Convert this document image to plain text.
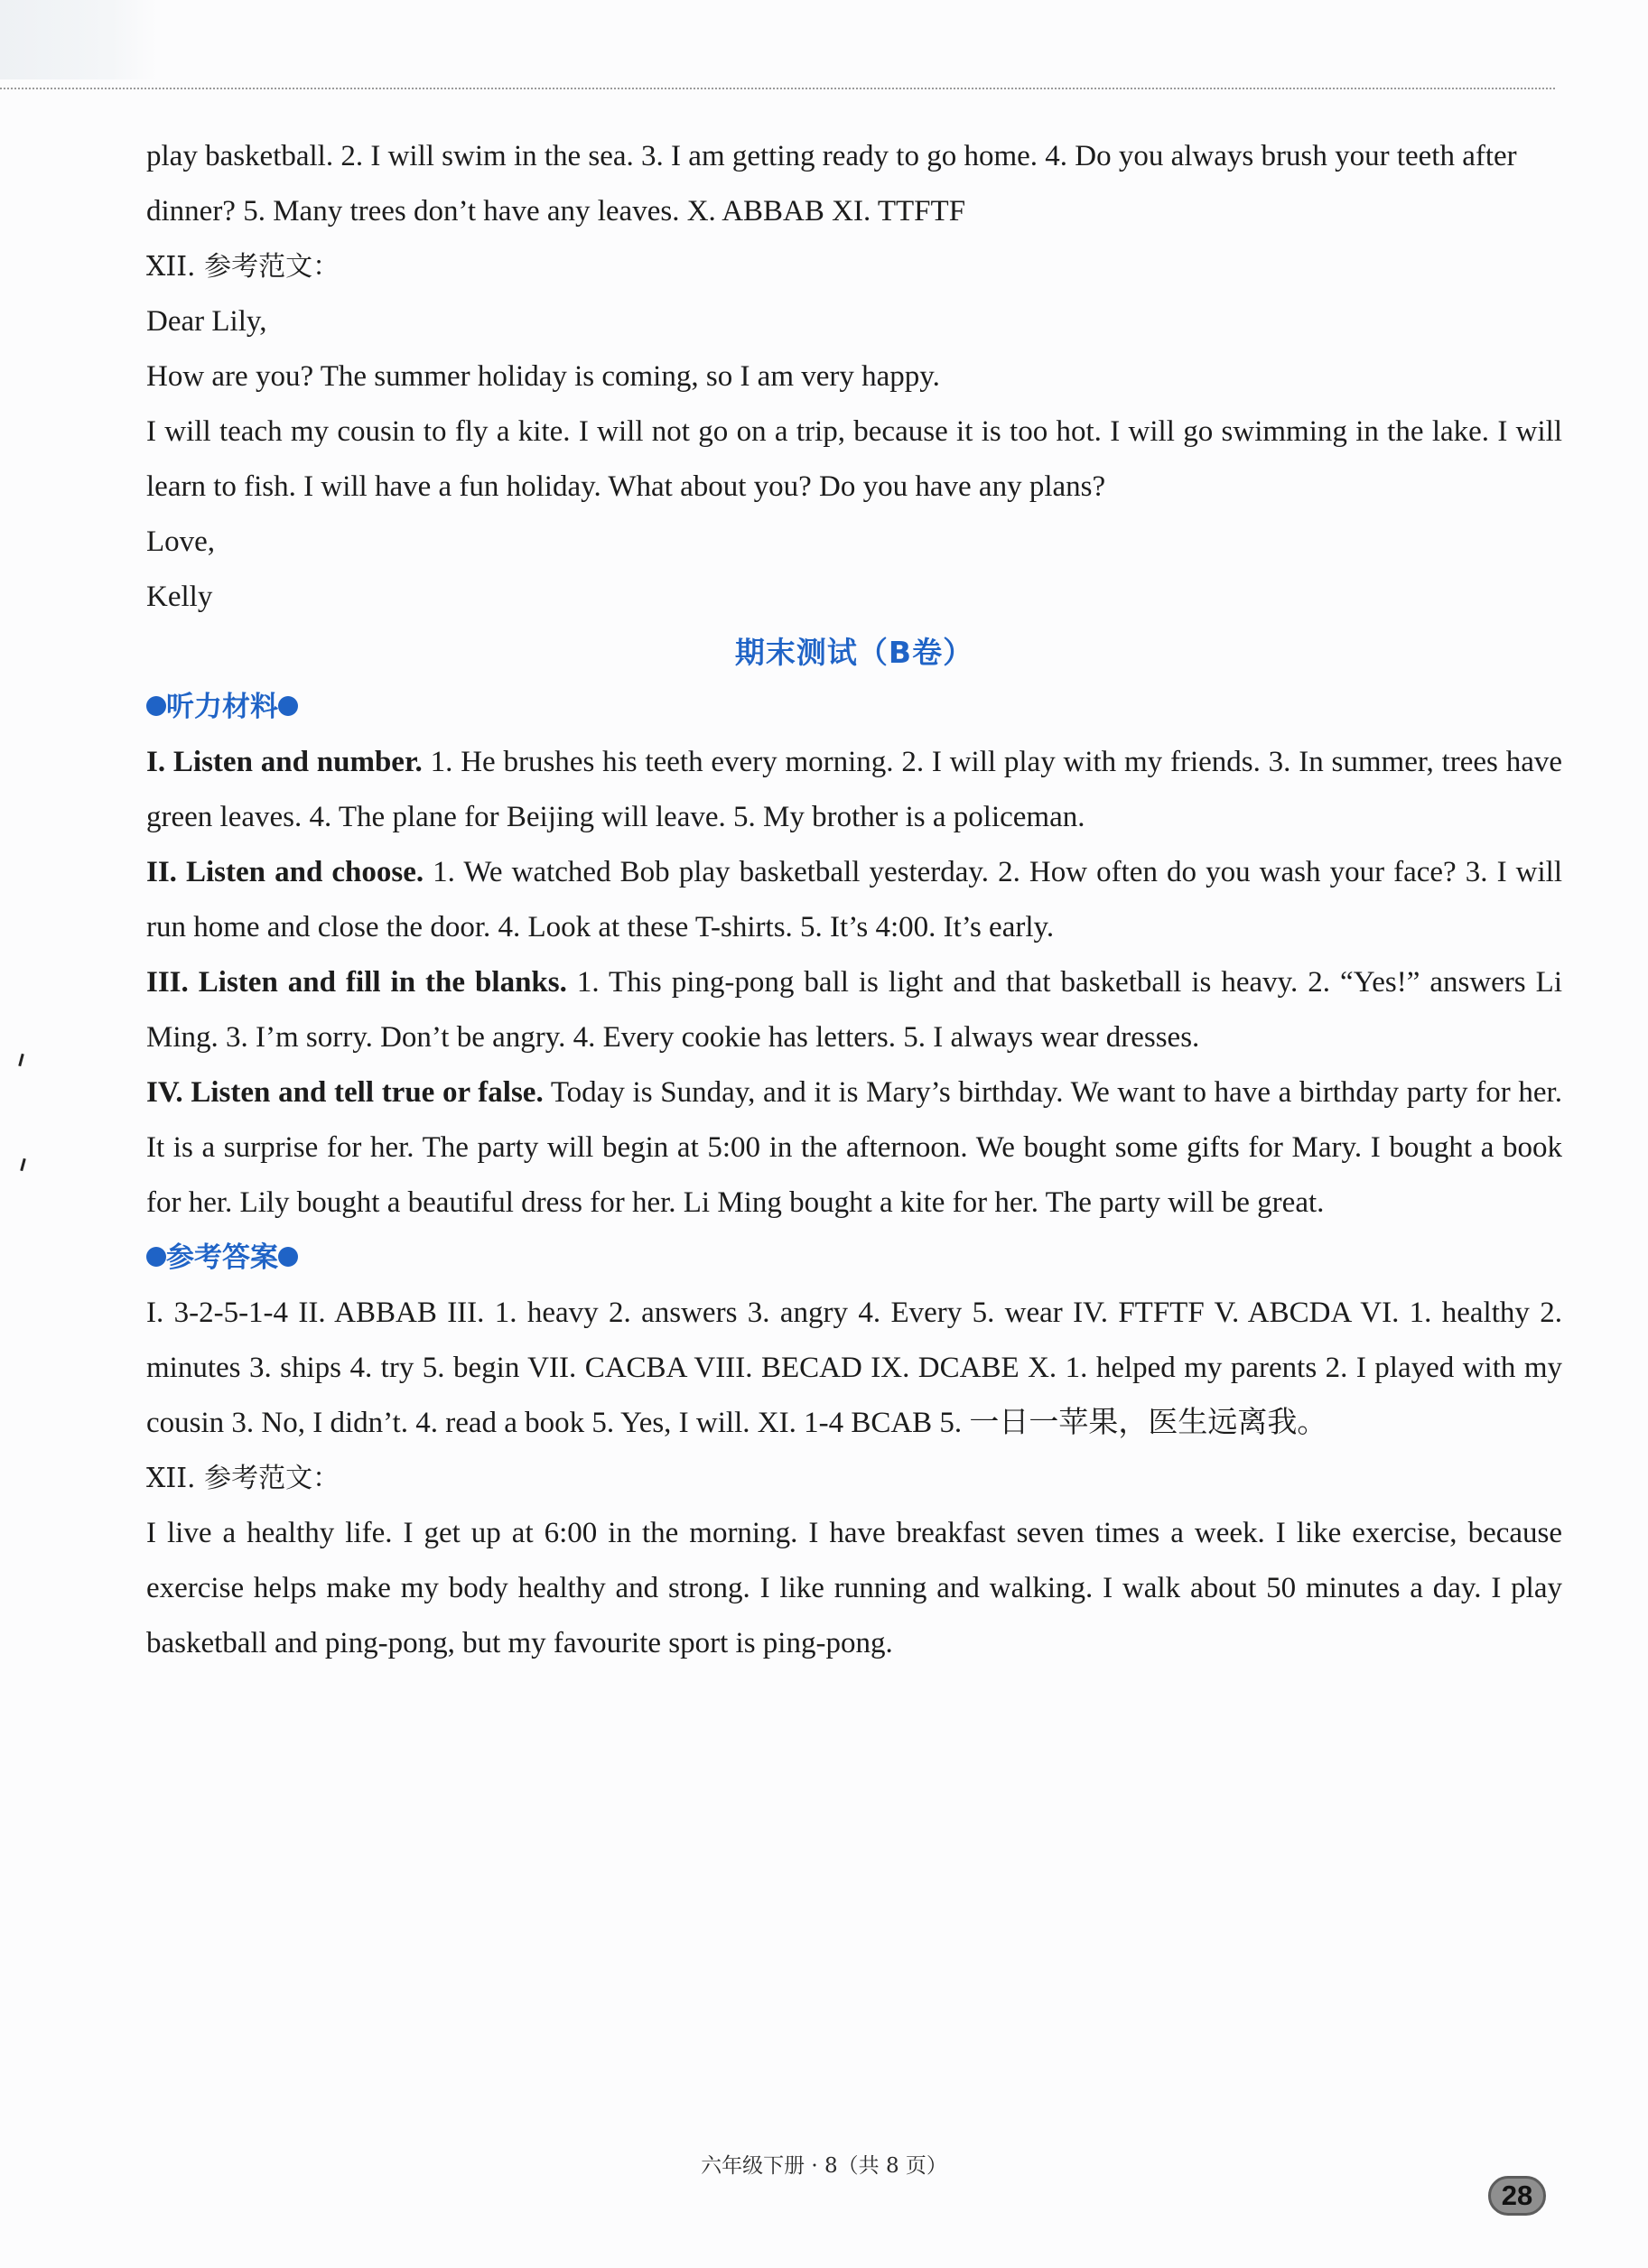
play basketball. 2. I will swim in the sea. 3. I am getting ready to go home. 4. Do you always brush your teeth after
dinner? 5. Many trees don’t have any leaves. X. ABBAB XI. TTFTF

XII. 参考范文：

Dear Lily,

How are you? The summer holiday is coming, so I am very happy.

I will teach my cousin to fly a kite. I will not go on a trip, because it is too hot. I will go swimming in the lake. I will learn to fish. I will have a fun holiday. What about you? Do you have any plans?

Love,

Kelly

期末测试（B卷）

听力材料

I. Listen and number. 1. He brushes his teeth every morning. 2. I will play with my friends. 3. In summer, trees have green leaves. 4. The plane for Beijing will leave. 5. My brother is a policeman.

II. Listen and choose. 1. We watched Bob play basketball yesterday. 2. How often do you wash your face? 3. I will run home and close the door. 4. Look at these T-shirts. 5. It’s 4:00. It’s early.

III. Listen and fill in the blanks. 1. This ping-pong ball is light and that basketball is heavy. 2. “Yes!” answers Li Ming. 3. I’m sorry. Don’t be angry. 4. Every cookie has letters. 5. I always wear dresses.

IV. Listen and tell true or false. Today is Sunday, and it is Mary’s birthday. We want to have a birthday party for her. It is a surprise for her. The party will begin at 5:00 in the afternoon. We bought some gifts for Mary. I bought a book for her. Lily bought a beautiful dress for her. Li Ming bought a kite for her. The party will be great.

参考答案

I. 3-2-5-1-4 II. ABBAB III. 1. heavy 2. answers 3. angry 4. Every 5. wear IV. FTFTF V. ABCDA VI. 1. healthy 2. minutes 3. ships 4. try 5. begin VII. CACBA VIII. BECAD IX. DCABE X. 1. helped my parents 2. I played with my cousin 3. No, I didn’t. 4. read a book 5. Yes, I will. XI. 1-4 BCAB 5. 一日一苹果，医生远离我。

XII. 参考范文：

I live a healthy life. I get up at 6:00 in the morning. I have breakfast seven times a week. I like exercise, because exercise helps make my body healthy and strong. I like running and walking. I walk about 50 minutes a day. I play basketball and ping-pong, but my favourite sport is ping-pong.

六年级下册 · 8（共 8 页）
28
